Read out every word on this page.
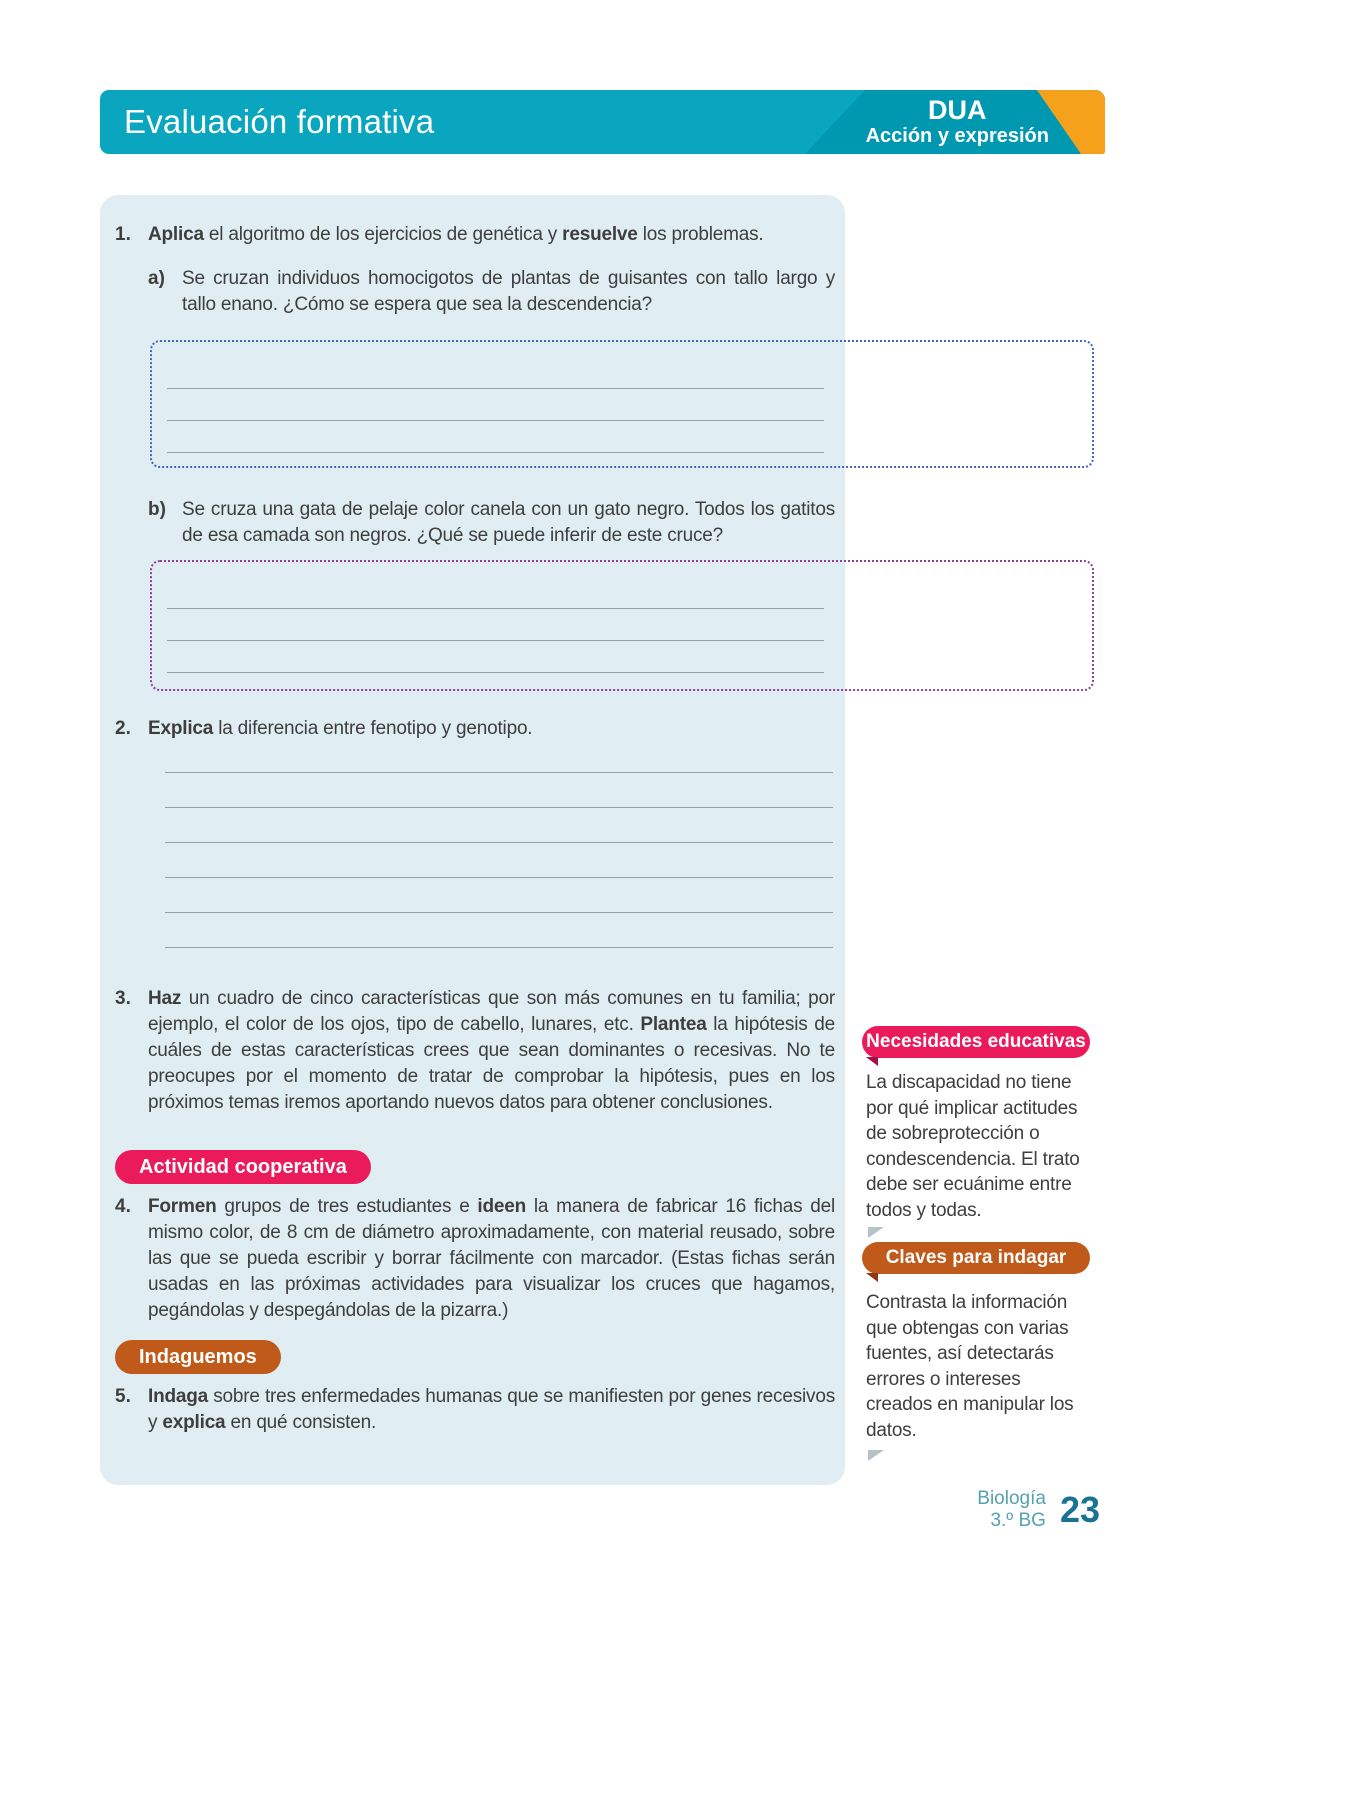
Evaluación formativa	DUA
Acción y expresión
1. Aplica el algoritmo de los ejercicios de genética y resuelve los problemas.

a) Se cruzan individuos homocigotos de plantas de guisantes con tallo largo y tallo enano. ¿Cómo se espera que sea la descendencia?

b) Se cruza una gata de pelaje color canela con un gato negro. Todos los gatitos de esa camada son negros. ¿Qué se puede inferir de este cruce?

2. Explica la diferencia entre fenotipo y genotipo.

3. Haz un cuadro de cinco características que son más comunes en tu familia; por ejemplo, el color de los ojos, tipo de cabello, lunares, etc. Plantea la hipótesis de cuáles de estas características crees que sean dominantes o recesivas. No te preocupes por el momento de tratar de comprobar la hipótesis, pues en los próximos temas iremos aportando nuevos datos para obtener conclusiones.

Actividad cooperativa
4. Formen grupos de tres estudiantes e ideen la manera de fabricar 16 fichas del mismo color, de 8 cm de diámetro aproximadamente, con material reusado, sobre las que se pueda escribir y borrar fácilmente con marcador. (Estas fichas serán usadas en las próximas actividades para visualizar los cruces que hagamos, pegándolas y despegándolas de la pizarra.)

Indaguemos
5. Indaga sobre tres enfermedades humanas que se manifiesten por genes recesivos y explica en qué consisten.

Necesidades educativas

La discapacidad no tiene por qué implicar actitudes de sobreprotección o condescendencia. El trato debe ser ecuánime entre todos y todas.

Claves para indagar

Contrasta la información que obtengas con varias fuentes, así detectarás errores o intereses creados en manipular los datos.

Biología
3.º BG 23
